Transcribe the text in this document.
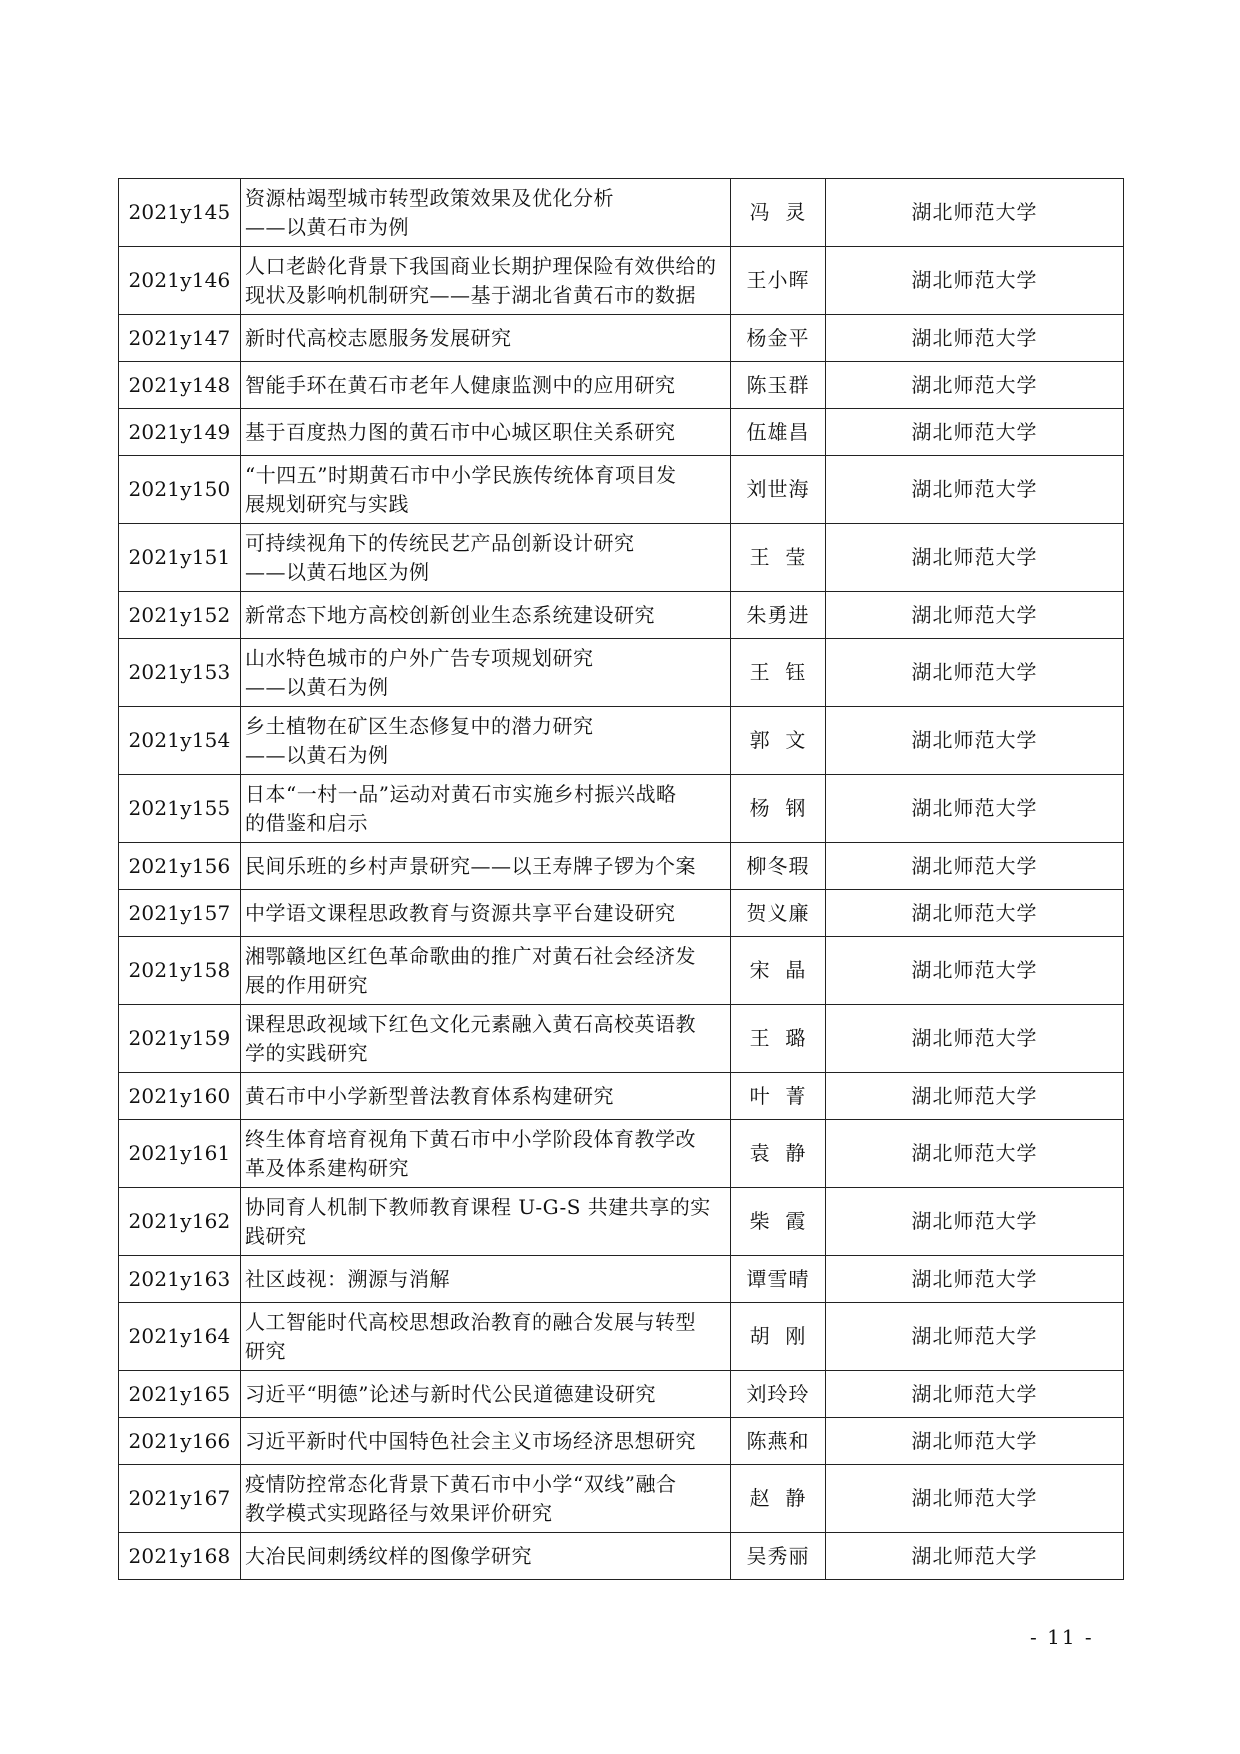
2021y145	资源枯竭型城市转型政策效果及优化分析
——以黄石市为例	冯  灵	湖北师范大学
2021y146	人口老龄化背景下我国商业长期护理保险有效供给的
现状及影响机制研究——基于湖北省黄石市的数据	王小晖	湖北师范大学
2021y147	新时代高校志愿服务发展研究	杨金平	湖北师范大学
2021y148	智能手环在黄石市老年人健康监测中的应用研究	陈玉群	湖北师范大学
2021y149	基于百度热力图的黄石市中心城区职住关系研究	伍雄昌	湖北师范大学
2021y150	“十四五”时期黄石市中小学民族传统体育项目发
展规划研究与实践	刘世海	湖北师范大学
2021y151	可持续视角下的传统民艺产品创新设计研究
——以黄石地区为例	王  莹	湖北师范大学
2021y152	新常态下地方高校创新创业生态系统建设研究	朱勇进	湖北师范大学
2021y153	山水特色城市的户外广告专项规划研究
——以黄石为例	王  钰	湖北师范大学
2021y154	乡土植物在矿区生态修复中的潜力研究
——以黄石为例	郭  文	湖北师范大学
2021y155	日本“一村一品”运动对黄石市实施乡村振兴战略
的借鉴和启示	杨  钢	湖北师范大学
2021y156	民间乐班的乡村声景研究——以王寿牌子锣为个案	柳冬瑕	湖北师范大学
2021y157	中学语文课程思政教育与资源共享平台建设研究	贺义廉	湖北师范大学
2021y158	湘鄂赣地区红色革命歌曲的推广对黄石社会经济发
展的作用研究	宋  晶	湖北师范大学
2021y159	课程思政视域下红色文化元素融入黄石高校英语教
学的实践研究	王  璐	湖北师范大学
2021y160	黄石市中小学新型普法教育体系构建研究	叶  菁	湖北师范大学
2021y161	终生体育培育视角下黄石市中小学阶段体育教学改
革及体系建构研究	袁  静	湖北师范大学
2021y162	协同育人机制下教师教育课程 U-G-S 共建共享的实
践研究	柴  霞	湖北师范大学
2021y163	社区歧视：溯源与消解	谭雪晴	湖北师范大学
2021y164	人工智能时代高校思想政治教育的融合发展与转型
研究	胡  刚	湖北师范大学
2021y165	习近平“明德”论述与新时代公民道德建设研究	刘玲玲	湖北师范大学
2021y166	习近平新时代中国特色社会主义市场经济思想研究	陈燕和	湖北师范大学
2021y167	疫情防控常态化背景下黄石市中小学“双线”融合
教学模式实现路径与效果评价研究	赵  静	湖北师范大学
2021y168	大冶民间刺绣纹样的图像学研究	吴秀丽	湖北师范大学
- 11 -
